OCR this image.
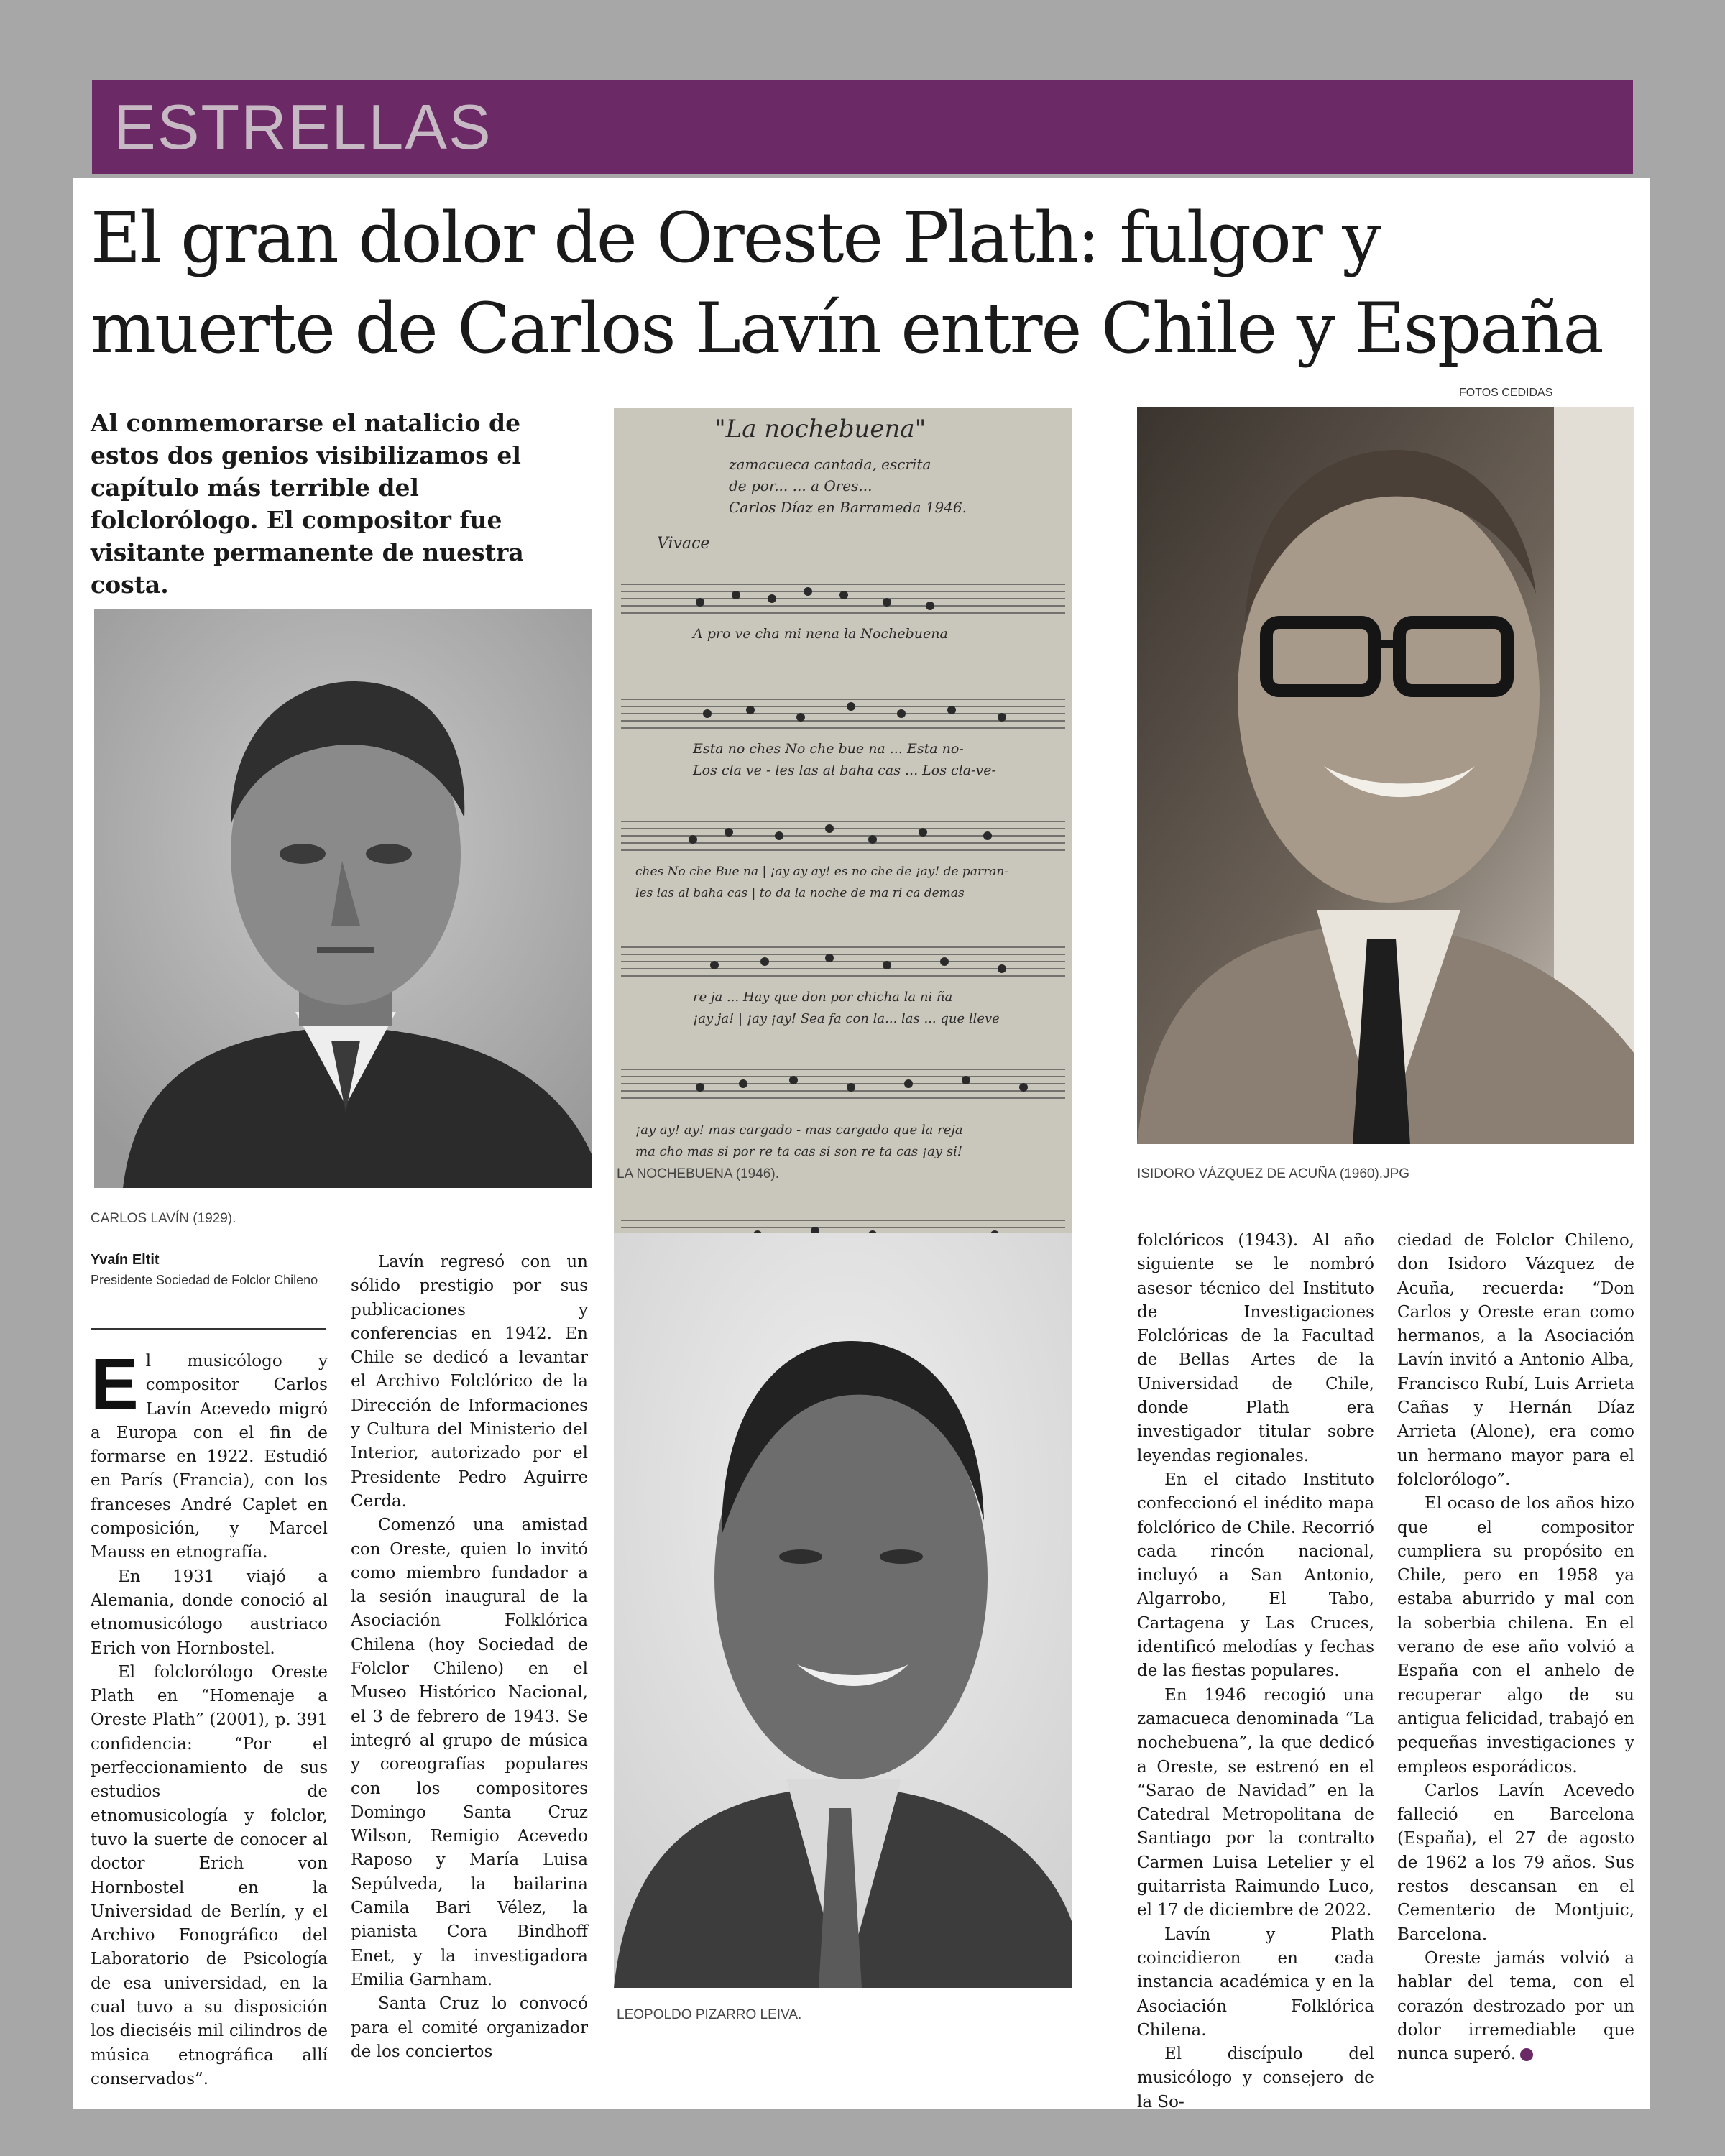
ESTRELLAS
El gran dolor de Oreste Plath: fulgor y muerte de Carlos Lavín entre Chile y España
FOTOS CEDIDAS
Al conmemorarse el natalicio de estos dos genios visibilizamos el capítulo más terrible del folclorólogo. El compositor fue visitante permanente de nuestra costa.
CARLOS LAVÍN (1929).
"La nochebuena"
zamacueca cantada, escrita
de por... ... a Ores...
Carlos Díaz en Barrameda 1946.
Vivace
A pro ve cha mi nena la Nochebuena
Esta no ches No che bue na ... Esta no-
Los cla ve - les las al baha cas ... Los cla-ve-
ches No che Bue na | ¡ay ay ay! es no che de ¡ay! de parran-
les las al baha cas | to da la noche de ma ri ca demas
re ja ... Hay que don por chicha la ni ña
¡ay ja! | ¡ay ¡ay! Sea fa con la... las ... que lleve
¡ay ay! ay! mas cargado - mas cargado que la reja
ma cho mas si por re ta cas si son re ta cas ¡ay si!
LA NOCHEBUENA (1946).	ISIDORO VÁZQUEZ DE ACUÑA (1960).JPG
LEOPOLDO PIZARRO LEIVA.
Yvaín Eltit
Presidente Sociedad de Folclor Chileno

El musicólogo y compositor Carlos Lavín Acevedo migró a Europa con el fin de formarse en 1922. Estudió en París (Francia), con los franceses André Caplet en composición, y Marcel Mauss en etnografía.

En 1931 viajó a Alemania, donde conoció al etnomusicólogo austriaco Erich von Hornbostel.

El folclorólogo Oreste Plath en “Homenaje a Oreste Plath” (2001), p. 391 confidencia: “Por el perfeccionamiento de sus estudios de etnomusicología y folclor, tuvo la suerte de conocer al doctor Erich von Hornbostel en la Universidad de Berlín, y el Archivo Fonográfico del Laboratorio de Psicología de esa universidad, en la cual tuvo a su disposición los dieciséis mil cilindros de música etnográfica allí conservados”.

Lavín regresó con un sólido prestigio por sus publicaciones y conferencias en 1942. En Chile se dedicó a levantar el Archivo Folclórico de la Dirección de Informaciones y Cultura del Ministerio del Interior, autorizado por el Presidente Pedro Aguirre Cerda.

Comenzó una amistad con Oreste, quien lo invitó como miembro fundador a la sesión inaugural de la Asociación Folklórica Chilena (hoy Sociedad de Folclor Chileno) en el Museo Histórico Nacional, el 3 de febrero de 1943. Se integró al grupo de música y coreografías populares con los compositores Domingo Santa Cruz Wilson, Remigio Acevedo Raposo y María Luisa Sepúlveda, la bailarina Camila Bari Vélez, la pianista Cora Bindhoff Enet, y la investigadora Emilia Garnham.

Santa Cruz lo convocó para el comité organizador de los conciertos

folclóricos (1943). Al año siguiente se le nombró asesor técnico del Instituto de Investigaciones Folclóricas de la Facultad de Bellas Artes de la Universidad de Chile, donde Plath era investigador titular sobre leyendas regionales.

En el citado Instituto confeccionó el inédito mapa folclórico de Chile. Recorrió cada rincón nacional, incluyó a San Antonio, Algarrobo, El Tabo, Cartagena y Las Cruces, identificó melodías y fechas de las fiestas populares.

En 1946 recogió una zamacueca denominada “La nochebuena”, la que dedicó a Oreste, se estrenó en el “Sarao de Navidad” en la Catedral Metropolitana de Santiago por la contralto Carmen Luisa Letelier y el guitarrista Raimundo Luco, el 17 de diciembre de 2022.

Lavín y Plath coincidieron en cada instancia académica y en la Asociación Folklórica Chilena.

El discípulo del musicólogo y consejero de la So-

ciedad de Folclor Chileno, don Isidoro Vázquez de Acuña, recuerda: “Don Carlos y Oreste eran como hermanos, a la Asociación Lavín invitó a Antonio Alba, Francisco Rubí, Luis Arrieta Cañas y Hernán Díaz Arrieta (Alone), era como un hermano mayor para el folclorólogo”.

El ocaso de los años hizo que el compositor cumpliera su propósito en Chile, pero en 1958 ya estaba aburrido y mal con la soberbia chilena. En el verano de ese año volvió a España con el anhelo de recuperar algo de su antigua felicidad, trabajó en pequeñas investigaciones y empleos esporádicos.

Carlos Lavín Acevedo falleció en Barcelona (España), el 27 de agosto de 1962 a los 79 años. Sus restos descansan en el Cementerio de Montjuic, Barcelona.

Oreste jamás volvió a hablar del tema, con el corazón destrozado por un dolor irremediable que nunca superó.	✪
